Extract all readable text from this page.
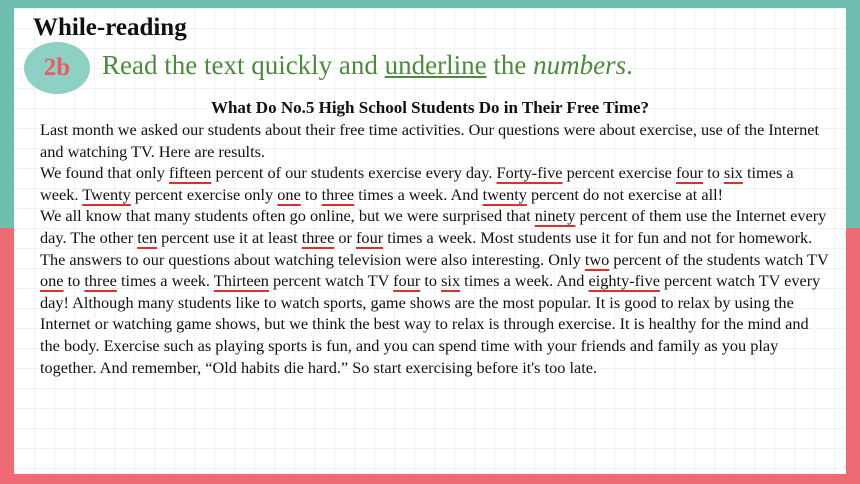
While-reading
2b	Read the text quickly and underline the numbers.
What Do No.5 High School Students Do in Their Free Time?

Last month we asked our students about their free time activities. Our questions were about exercise, use of the Internet and watching TV. Here are results.

We found that only fifteen percent of our students exercise every day. Forty-five percent exercise four to six times a week. Twenty percent exercise only one to three times a week. And twenty percent do not exercise at all!

We all know that many students often go online, but we were surprised that ninety percent of them use the Internet every day. The other ten percent use it at least three or four times a week. Most students use it for fun and not for homework.

The answers to our questions about watching television were also interesting. Only two percent of the students watch TV one to three times a week. Thirteen percent watch TV four to six times a week. And eighty-five percent watch TV every day! Although many students like to watch sports, game shows are the most popular. It is good to relax by using the Internet or watching game shows, but we think the best way to relax is through exercise. It is healthy for the mind and the body. Exercise such as playing sports is fun, and you can spend time with your friends and family as you play together. And remember, “Old habits die hard.” So start exercising before it's too late.
